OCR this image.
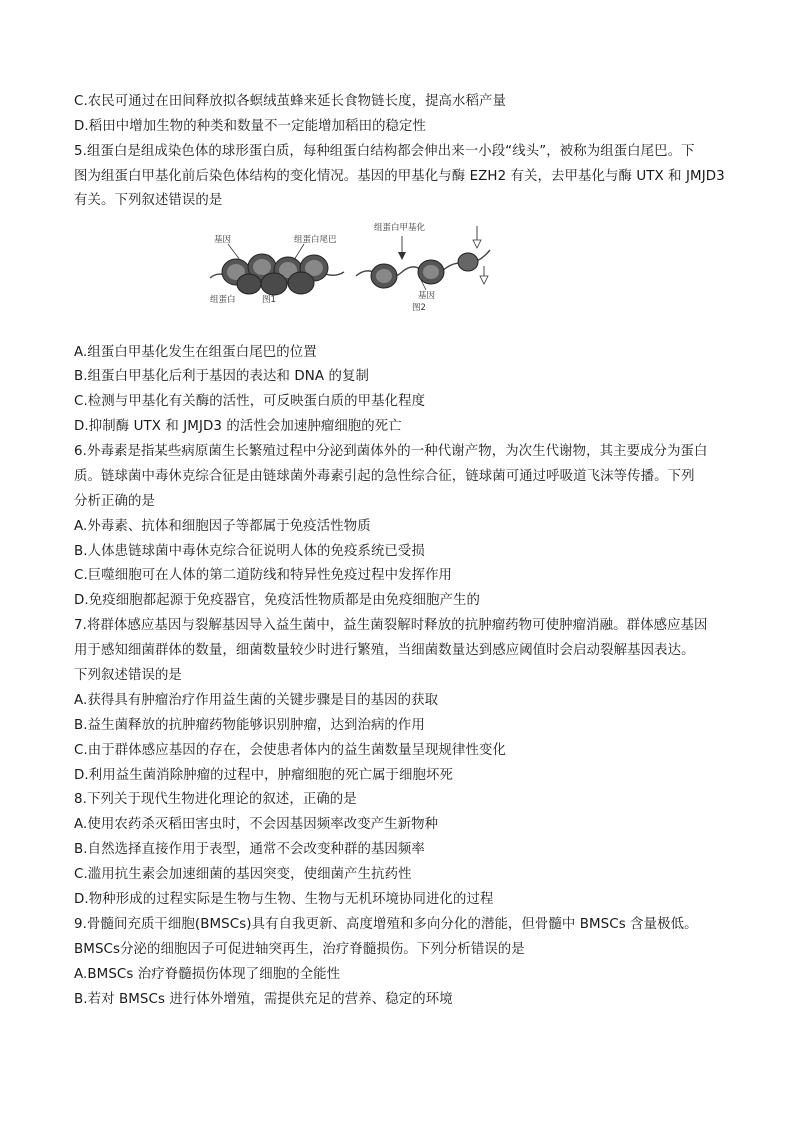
C.农民可通过在田间释放拟各螟绒茧蜂来延长食物链长度，提高水稻产量
D.稻田中增加生物的种类和数量不一定能增加稻田的稳定性
5.组蛋白是组成染色体的球形蛋白质，每种组蛋白结构都会伸出来一小段“线头”，被称为组蛋白尾巴。下
图为组蛋白甲基化前后染色体结构的变化情况。基因的甲基化与酶 EZH2 有关，去甲基化与酶 UTX 和 JMJD3
有关。下列叙述错误的是
基因	组蛋白尾巴
组蛋白	图1
组蛋白甲基化
基因
图2
A.组蛋白甲基化发生在组蛋白尾巴的位置
B.组蛋白甲基化后利于基因的表达和 DNA 的复制
C.检测与甲基化有关酶的活性，可反映蛋白质的甲基化程度
D.抑制酶 UTX 和 JMJD3 的活性会加速肿瘤细胞的死亡
6.外毒素是指某些病原菌生长繁殖过程中分泌到菌体外的一种代谢产物，为次生代谢物，其主要成分为蛋白
质。链球菌中毒休克综合征是由链球菌外毒素引起的急性综合征，链球菌可通过呼吸道飞沫等传播。下列
分析正确的是
A.外毒素、抗体和细胞因子等都属于免疫活性物质
B.人体患链球菌中毒休克综合征说明人体的免疫系统已受损
C.巨噬细胞可在人体的第二道防线和特异性免疫过程中发挥作用
D.免疫细胞都起源于免疫器官，免疫活性物质都是由免疫细胞产生的
7.将群体感应基因与裂解基因导入益生菌中，益生菌裂解时释放的抗肿瘤药物可使肿瘤消融。群体感应基因
用于感知细菌群体的数量，细菌数量较少时进行繁殖，当细菌数量达到感应阈值时会启动裂解基因表达。
下列叙述错误的是
A.获得具有肿瘤治疗作用益生菌的关键步骤是目的基因的获取
B.益生菌释放的抗肿瘤药物能够识别肿瘤，达到治病的作用
C.由于群体感应基因的存在，会使患者体内的益生菌数量呈现规律性变化
D.利用益生菌消除肿瘤的过程中，肿瘤细胞的死亡属于细胞坏死
8.下列关于现代生物进化理论的叙述，正确的是
A.使用农药杀灭稻田害虫时，不会因基因频率改变产生新物种
B.自然选择直接作用于表型，通常不会改变种群的基因频率
C.滥用抗生素会加速细菌的基因突变，使细菌产生抗药性
D.物种形成的过程实际是生物与生物、生物与无机环境协同进化的过程
9.骨髓间充质干细胞(BMSCs)具有自我更新、高度增殖和多向分化的潜能，但骨髓中 BMSCs 含量极低。
BMSCs分泌的细胞因子可促进轴突再生，治疗脊髓损伤。下列分析错误的是
A.BMSCs 治疗脊髓损伤体现了细胞的全能性
B.若对 BMSCs 进行体外增殖，需提供充足的营养、稳定的环境
